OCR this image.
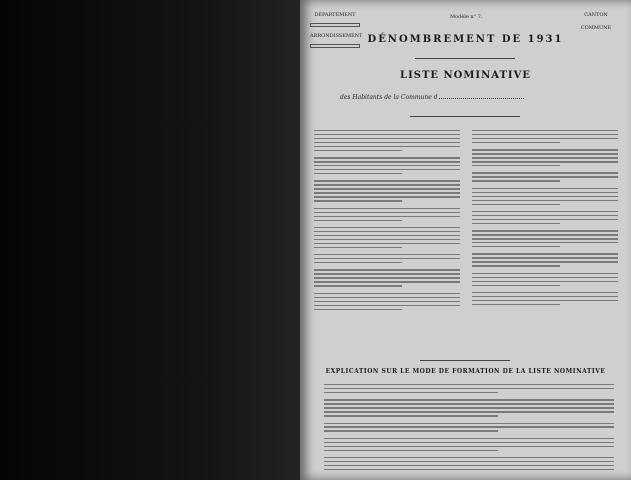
DÉPARTEMENT
ARRONDISSEMENT
Modèle n° 7.	CANTON
COMMUNE
DÉNOMBREMENT DE 1931
LISTE NOMINATIVE
des Habitants de la Commune d
EXPLICATION SUR LE MODE DE FORMATION DE LA LISTE NOMINATIVE
